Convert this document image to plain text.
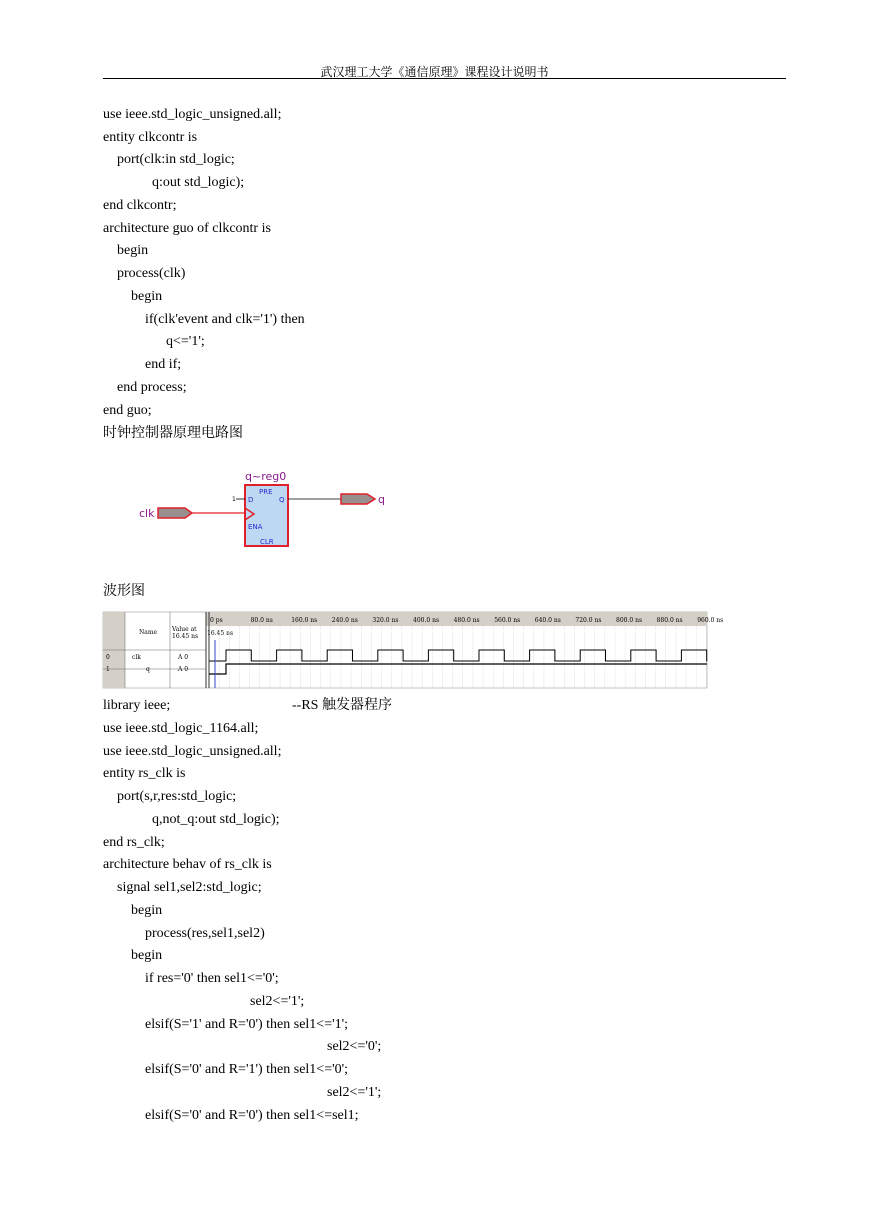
武汉理工大学《通信原理》课程设计说明书
use ieee.std_logic_unsigned.all;
entity clkcontr is
port(clk:in std_logic;
q:out std_logic);
end clkcontr;
architecture guo of clkcontr is
begin
process(clk)
begin
if(clk'event and clk='1') then
q<='1';
end if;
end process;
end guo;
时钟控制器原理电路图
q~reg0
PRE
D	Q
ENA
CLR
1
clk
q
波形图
Name Value at
16.45 ns 16.45 ns
0 ps	80.0 ns	160.0 ns 240.0 ns 320.0 ns 400.0 ns 480.0 ns 560.0 ns 640.0 ns 720.0 ns 800.0 ns 880.0 ns 960.0 ns
0	clk	A 0
1	q	A 0
library ieee;	--RS 触发器程序
use ieee.std_logic_1164.all;
use ieee.std_logic_unsigned.all;
entity rs_clk is
port(s,r,res:std_logic;
q,not_q:out std_logic);
end rs_clk;
architecture behav of rs_clk is
signal sel1,sel2:std_logic;
begin
process(res,sel1,sel2)
begin
if res='0' then sel1<='0';
sel2<='1';
elsif(S='1' and R='0') then sel1<='1';
sel2<='0';
elsif(S='0' and R='1') then sel1<='0';
sel2<='1';
elsif(S='0' and R='0') then sel1<=sel1;
